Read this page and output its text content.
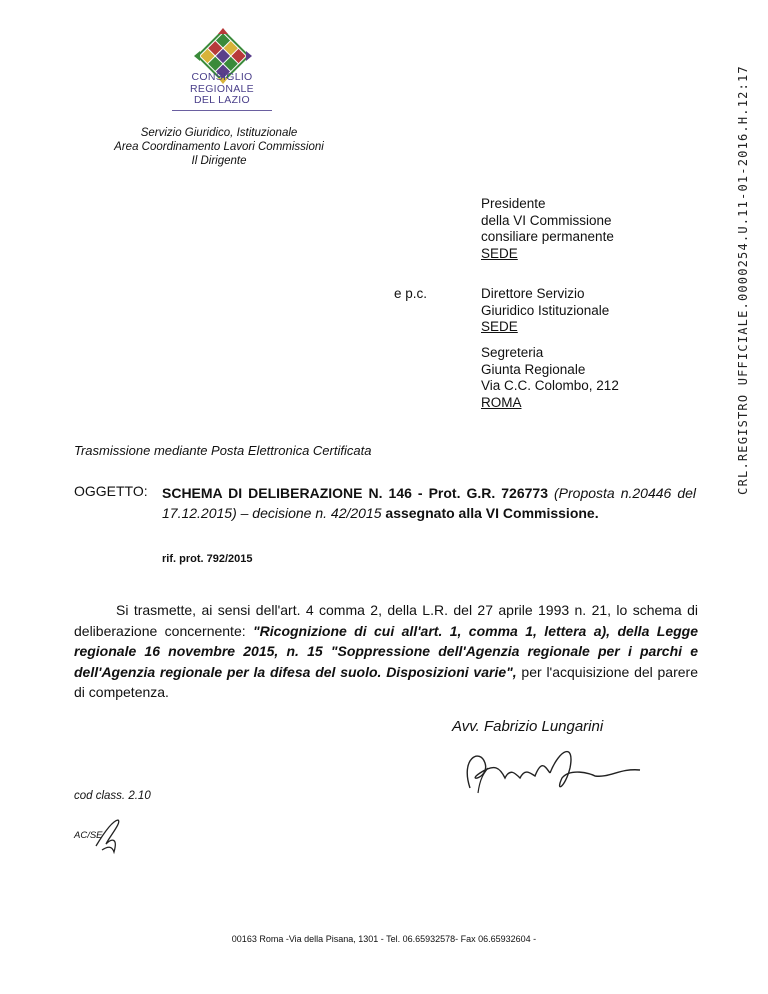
CONSIGLIO
REGIONALE
DEL LAZIO
Servizio Giuridico, Istituzionale
Area Coordinamento Lavori Commissioni
Il Dirigente
Presidente
della VI Commissione
consiliare permanente
SEDE
e p.c.	Direttore Servizio
Giuridico Istituzionale
SEDE
Segreteria
Giunta Regionale
Via C.C. Colombo, 212
ROMA
Trasmissione mediante Posta Elettronica Certificata
OGGETTO: SCHEMA DI DELIBERAZIONE N. 146 - Prot. G.R. 726773 (Proposta n.20446 del 17.12.2015) – decisione n. 42/2015 assegnato alla VI Commissione.
rif. prot. 792/2015
Si trasmette, ai sensi dell'art. 4 comma 2, della L.R. del 27 aprile 1993 n. 21, lo schema di deliberazione concernente: "Ricognizione di cui all'art. 1, comma 1, lettera a), della Legge regionale 16 novembre 2015, n. 15 "Soppressione dell'Agenzia regionale per i parchi e dell'Agenzia regionale per la difesa del suolo. Disposizioni varie", per l'acquisizione del parere di competenza.
Avv. Fabrizio Lungarini
cod class. 2.10
AC/SE
00163 Roma -Via della Pisana, 1301 - Tel. 06.65932578- Fax 06.65932604 -
CRL.REGISTRO UFFICIALE.0000254.U.11-01-2016.H.12:17
